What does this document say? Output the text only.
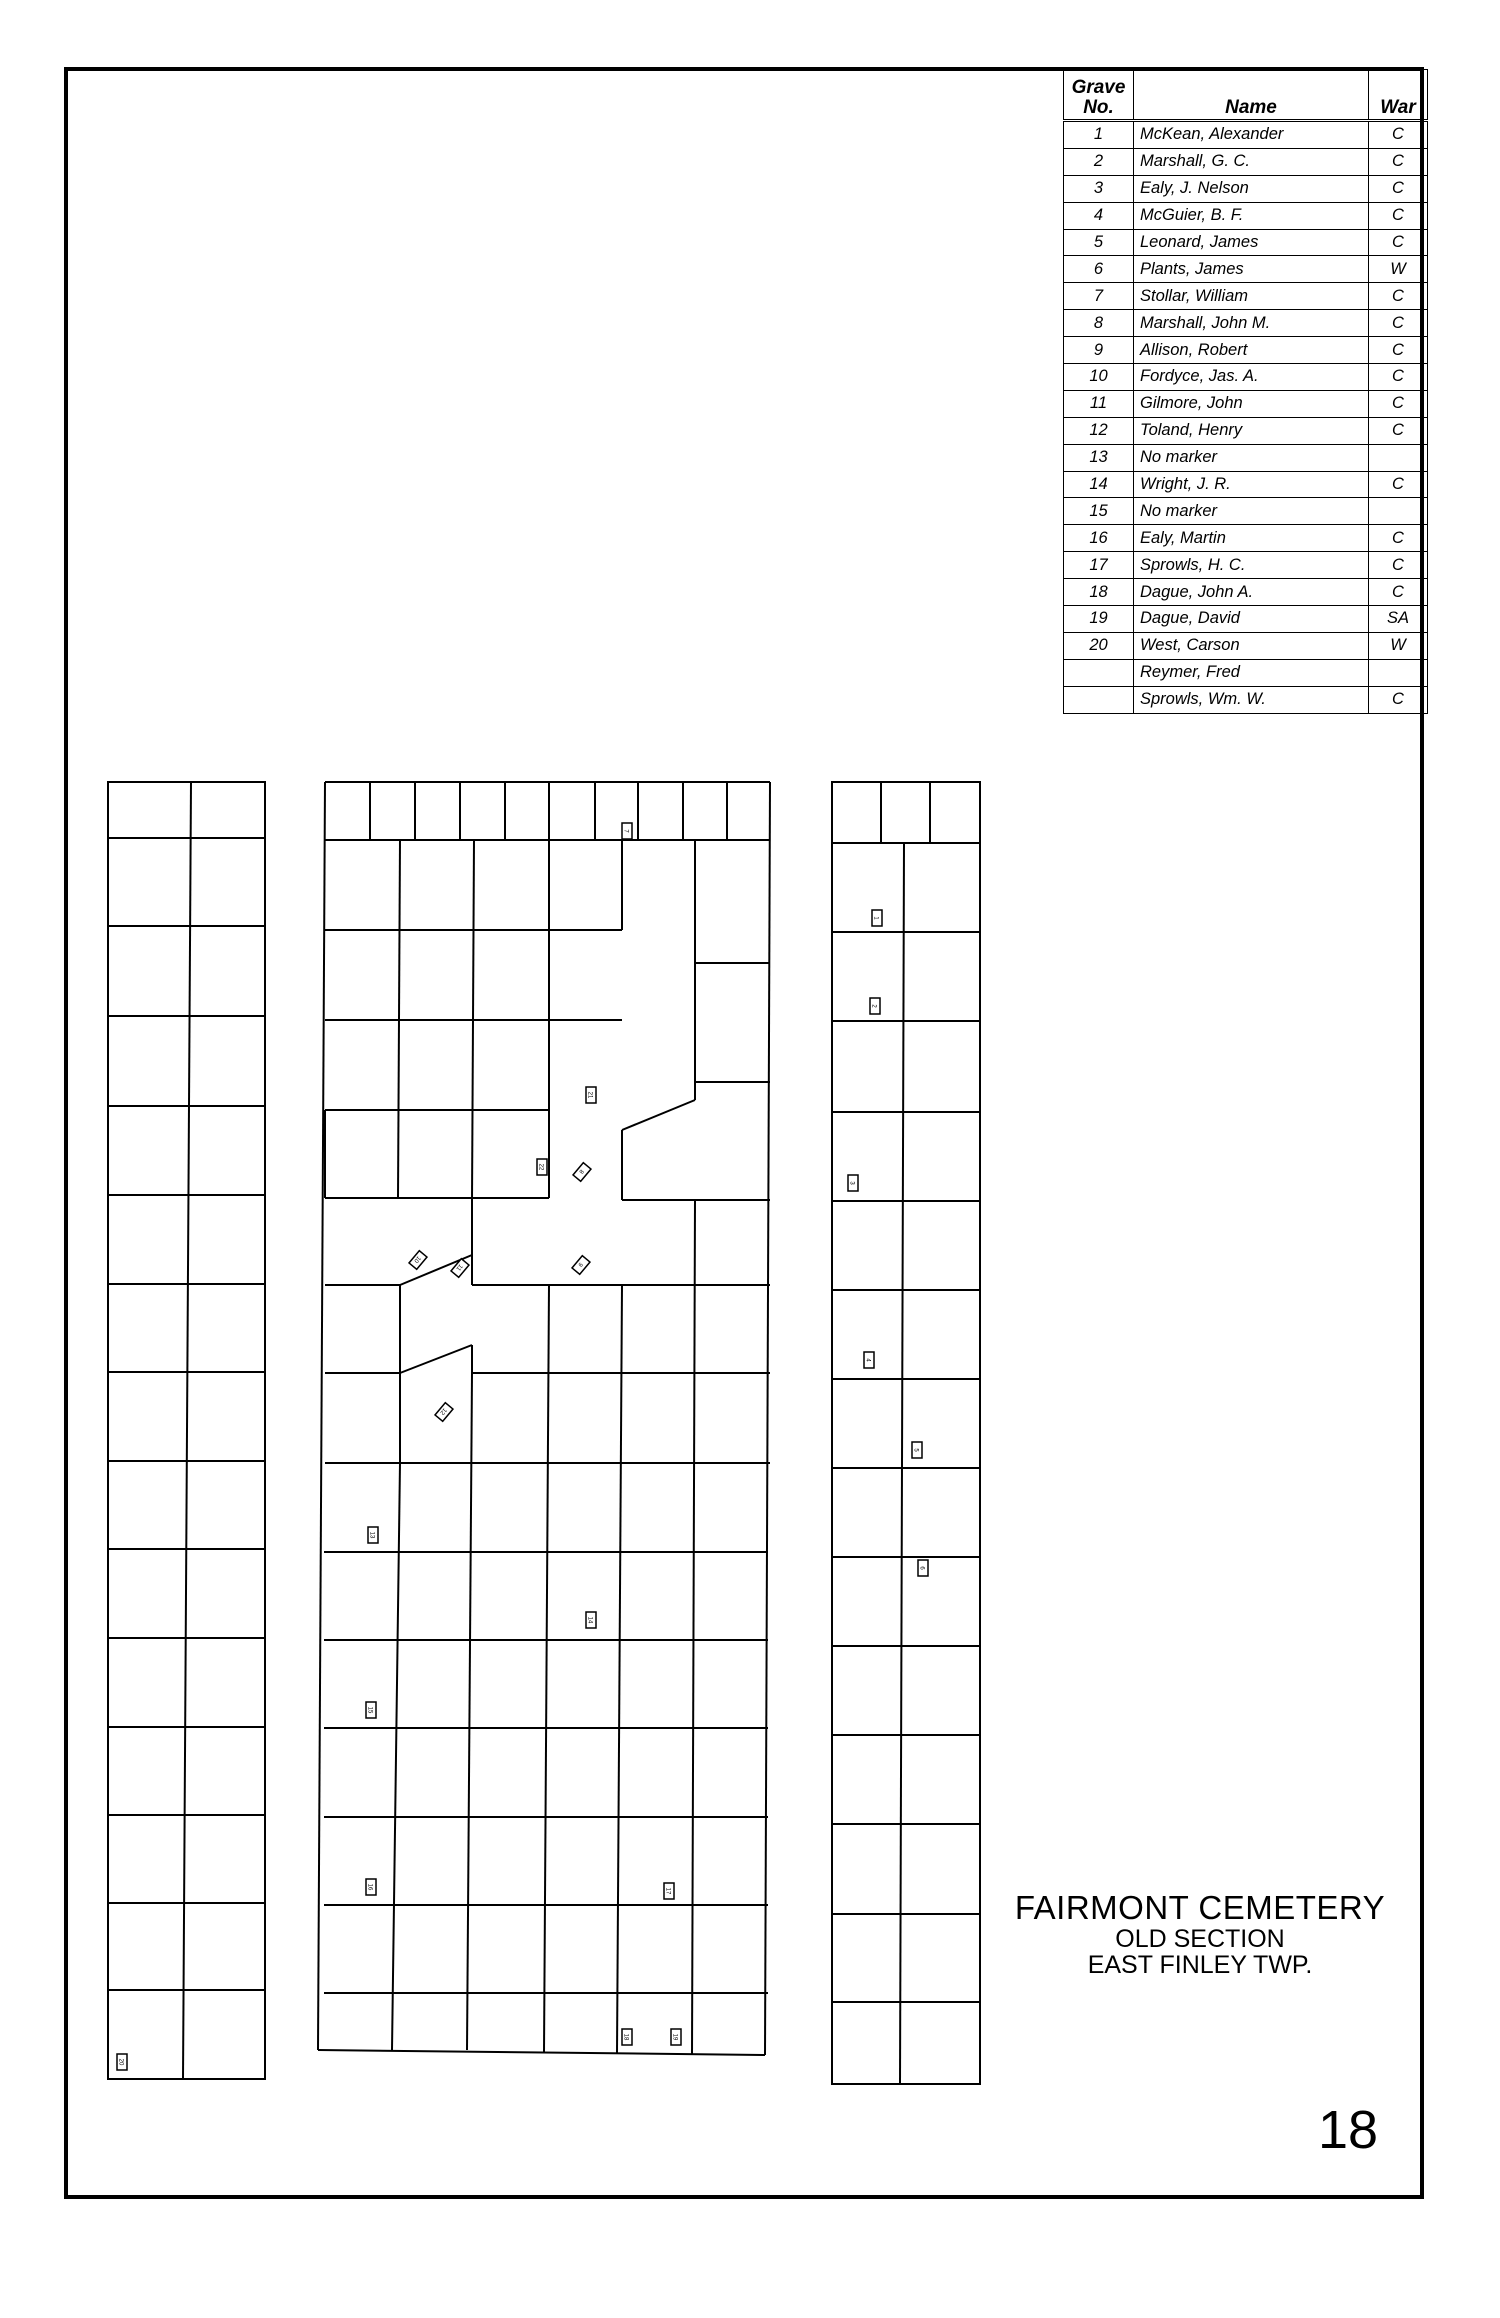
1
2
3
4
5
6
7
8
9
10
11
12
13
14
15
16
17
18	19
20
21
22
Grave No.	Name	War
1	McKean, Alexander	C
2	Marshall, G. C.	C
3	Ealy, J. Nelson	C
4	McGuier, B. F.	C
5	Leonard, James	C
6	Plants, James	W
7	Stollar, William	C
8	Marshall, John M.	C
9	Allison, Robert	C
10	Fordyce, Jas. A.	C
11	Gilmore, John	C
12	Toland, Henry	C
13	No marker	
14	Wright, J. R.	C
15	No marker	
16	Ealy, Martin	C
17	Sprowls, H. C.	C
18	Dague, John A.	C
19	Dague, David	SA
20	West, Carson	W
	Reymer, Fred	
	Sprowls, Wm. W.	C
FAIRMONT CEMETERY
OLD SECTION
EAST FINLEY TWP.
18
